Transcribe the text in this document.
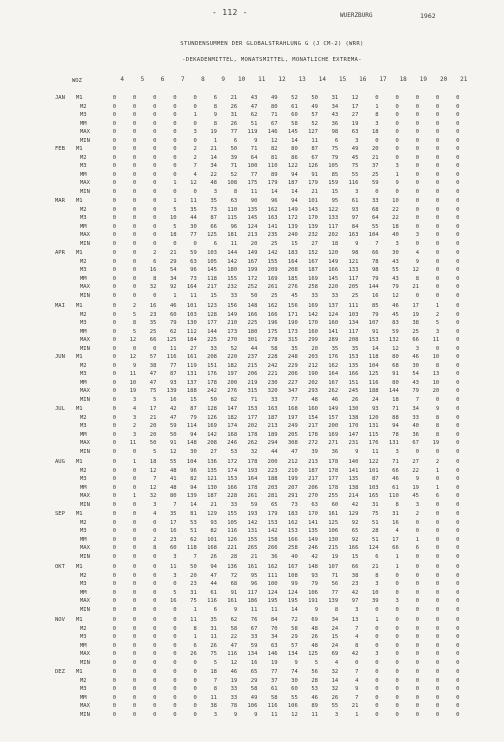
- 112 -	WUERZBURG	1962
STUNDENSUMMEN DER GLOBALSTRAHLUNG G (J CM-2) (WRR)
-DEKADENMITTEL, MONATSMITTEL, MONATLICHE EXTREMA-
WOZ	4	5	6	7	8	9	10	11	12	13	14	15	16	17	18	19	20	21
JAN	M1	0	0	0	0	0	6	21	43	49	52	50	31	12	0	0	0	0	0
M2	0	0	0	0	0	8	26	47	80	61	49	34	17	1	0	0	0	0
M3	0	0	0	0	1	9	31	62	71	60	57	43	27	8	0	0	0	0
MM	0	0	0	0	0	8	26	51	67	58	52	36	19	3	0	0	0	0
MAX	0	0	0	0	3	19	77	119	146	145	127	98	63	18	0	0	0	0
MIN	0	0	0	0	0	1	6	9	12	14	11	6	3	0	0	0	0	0
FEB	M1	0	0	0	0	2	21	50	71	82	80	87	75	49	20	0	0	0	0
M2	0	0	0	0	2	14	39	64	81	86	67	79	45	21	0	0	0	0
M3	0	0	0	0	7	34	71	100	110	122	126	105	75	37	3	0	0	0
MM	0	0	0	0	4	22	52	77	89	94	91	85	55	25	1	0	0	0
MAX	0	0	0	1	12	48	108	175	179	187	179	159	116	59	9	0	0	0
MIN	0	0	0	0	0	3	8	11	14	14	21	15	3	0	0	0	0	0
MAR	M1	0	0	0	1	11	35	63	90	96	94	101	95	61	33	10	0	0	0
M2	0	0	0	5	35	73	110	135	162	149	143	122	93	68	22	0	0	0
M3	0	0	0	10	44	87	115	145	163	172	170	133	97	64	22	0	0	0
MM	0	0	0	5	30	66	96	124	141	139	139	117	84	55	18	0	0	0
MAX	0	0	0	18	77	125	181	213	235	240	232	202	163	104	40	3	0	0
MIN	0	0	0	0	0	6	11	20	25	15	27	18	9	7	3	0	0	0
APR	M1	0	0	2	21	59	103	144	149	142	183	152	120	98	66	30	4	0	0
M2	0	0	6	29	63	105	142	167	155	164	167	149	121	78	43	9	0	0
M3	0	0	16	54	96	145	180	199	209	208	187	166	133	98	55	12	0	0
MM	0	0	8	34	73	118	155	172	169	185	169	145	117	79	43	8	0	0
MAX	0	0	32	92	164	217	232	252	261	276	258	220	205	144	79	21	0	0
MIN	0	0	0	1	11	15	33	50	25	45	33	33	25	16	12	0	0	0
MAI	M1	0	2	16	46	101	123	156	148	162	156	169	137	111	85	46	17	1	0
M2	0	5	23	60	103	128	149	166	166	171	142	124	103	79	45	19	2	0
M3	0	8	35	79	130	177	210	225	196	190	170	160	134	107	83	38	5	0
MM	0	5	25	62	112	144	173	180	175	173	160	141	117	91	59	25	3	0
MAX	0	12	66	125	184	225	270	301	278	315	299	289	208	153	132	66	11	0
MIN	0	0	0	11	27	33	52	44	58	35	20	35	35	14	12	3	0	0
JUN	M1	0	12	57	116	161	208	220	237	228	248	203	176	153	118	80	46	10	0
M2	0	9	38	77	119	151	182	215	242	229	212	162	135	104	68	30	8	0
M3	0	11	47	87	131	176	197	206	221	206	190	164	166	125	91	54	13	0
MM	0	10	47	93	137	178	200	219	230	227	202	167	151	116	80	43	10	0
MAX	0	19	75	139	188	242	276	315	320	347	293	262	245	188	144	79	20	0
MIN	0	3	5	16	15	50	82	71	33	77	48	46	26	24	18	7	0	0
JUL	M1	0	4	17	42	87	128	147	153	163	168	160	149	130	93	71	34	9	0
M2	0	3	21	47	79	126	182	177	187	197	154	157	138	120	88	33	8	0
M3	0	2	20	59	114	169	174	202	213	249	217	200	170	131	94	40	8	0
MM	0	3	20	50	94	142	168	178	189	205	178	169	147	115	78	36	8	0
MAX	0	11	50	91	148	208	246	262	294	308	272	271	231	176	131	67	19	0
MIN	0	0	5	12	30	27	53	32	44	47	39	36	9	11	3	0	0	0
AUG	M1	0	1	18	55	104	136	172	178	200	212	213	178	140	122	71	27	2	0
M2	0	0	12	48	96	135	174	193	223	210	187	178	141	101	66	22	1	0
M3	0	0	7	41	82	121	153	164	188	199	217	177	135	87	46	9	0	0
MM	0	0	12	48	94	130	166	178	203	207	206	178	138	103	61	19	1	0
MAX	0	1	32	80	139	187	228	261	281	291	270	255	214	165	110	45	6	0
MIN	0	0	3	7	14	21	33	59	65	73	63	60	42	31	8	3	0	0
SEP	M1	0	0	4	35	81	129	155	193	179	183	170	161	129	75	31	2	0	0
M2	0	0	0	17	53	93	105	142	153	162	141	125	92	51	16	0	0	0
M3	0	0	0	16	51	82	116	131	142	153	135	106	65	28	4	0	0	0
MM	0	0	2	23	62	101	126	155	158	166	149	130	92	51	17	1	0	0
MAX	0	0	8	60	118	168	221	265	266	258	246	215	166	124	66	6	0	0
MIN	0	0	0	3	7	26	28	21	36	40	42	19	15	6	1	0	0	0
OKT	M1	0	0	0	11	50	94	136	161	162	167	148	107	66	21	1	0	0	0
M2	0	0	0	3	20	47	72	95	111	108	93	71	38	8	0	0	0	0
M3	0	0	0	0	23	44	68	96	100	99	79	56	23	3	0	0	0	0
MM	0	0	0	5	31	61	91	117	124	124	106	77	42	10	0	0	0	0
MAX	0	0	0	16	75	116	161	186	195	195	191	139	97	39	3	0	0	0
MIN	0	0	0	0	1	6	9	11	11	14	9	8	3	0	0	0	0	0
NOV	M1	0	0	0	0	11	35	62	76	84	72	69	34	13	1	0	0	0	0
M2	0	0	0	0	8	31	58	67	70	58	48	24	7	0	0	0	0	0
M3	0	0	0	0	1	11	22	33	34	29	26	15	4	0	0	0	0	0
MM	0	0	0	0	6	26	47	59	63	57	48	24	8	0	0	0	0	0
MAX	0	0	0	0	26	75	116	134	146	134	125	69	42	3	0	0	0	0
MIN	0	0	0	0	0	5	12	16	19	9	5	4	0	0	0	0	0	0
DEZ	M1	0	0	0	0	0	18	46	65	77	74	56	32	7	0	0	0	0	0
M2	0	0	0	0	0	7	19	29	37	30	28	14	4	0	0	0	0	0
M3	0	0	0	0	0	8	33	58	61	60	53	32	9	0	0	0	0	0
MM	0	0	0	0	0	11	33	49	58	55	46	26	7	0	0	0	0	0
MAX	0	0	0	0	0	38	78	106	116	106	89	55	21	0	0	0	0	0
MIN	0	0	0	0	0	3	9	9	11	12	11	3	1	0	0	0	0	0
